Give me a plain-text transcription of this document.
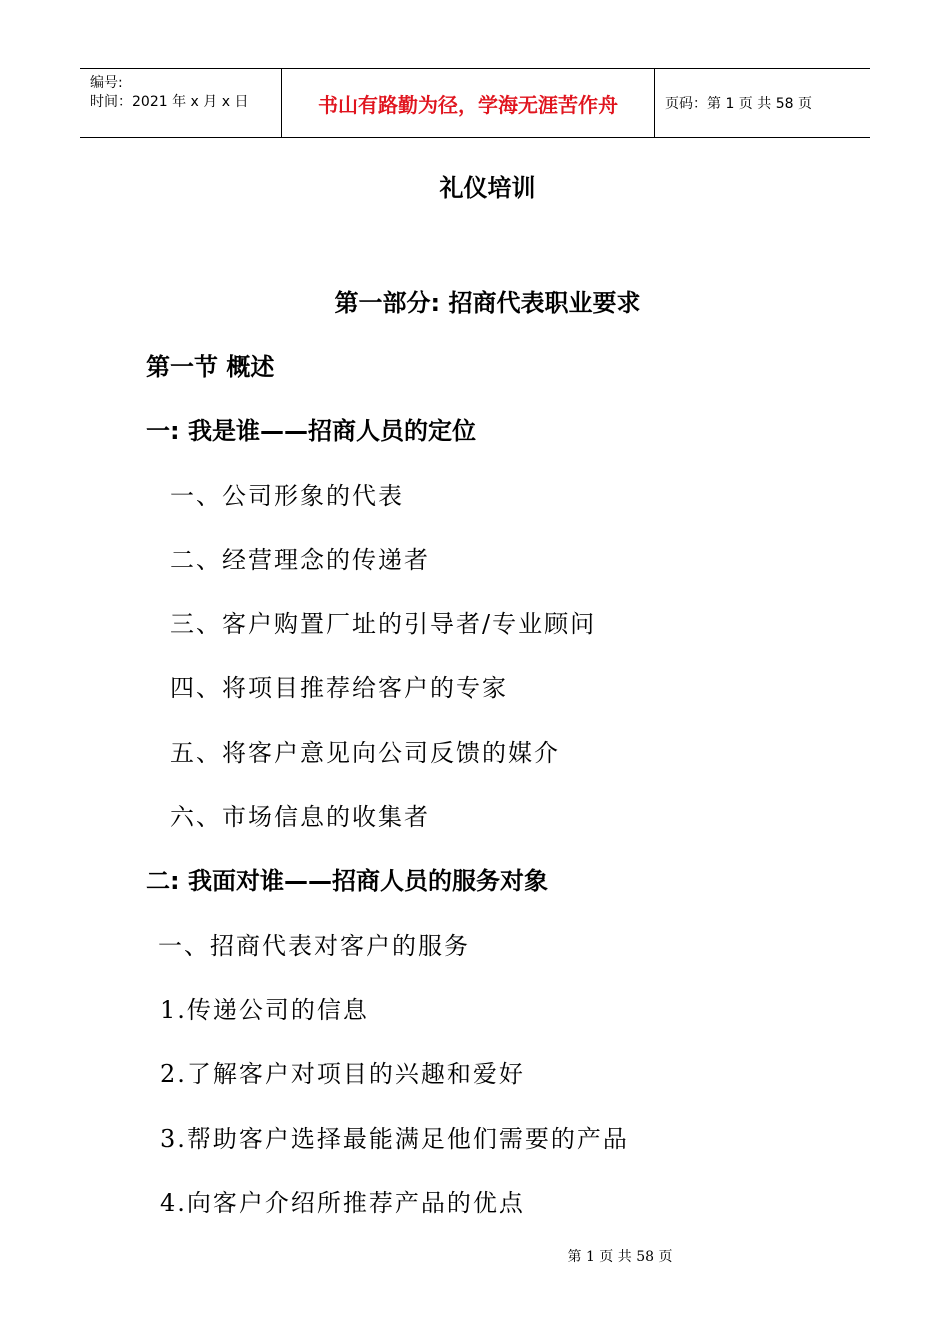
编号:
时间：2021 年 x 月 x 日	书山有路勤为径，学海无涯苦作舟	页码：第 1 页 共 58 页
礼仪培训
第一部分: 招商代表职业要求
第一节 概述
一: 我是谁——招商人员的定位
一、公司形象的代表
二、经营理念的传递者
三、客户购置厂址的引导者/专业顾问
四、将项目推荐给客户的专家
五、将客户意见向公司反馈的媒介
六、市场信息的收集者
二: 我面对谁——招商人员的服务对象
一、招商代表对客户的服务
1.传递公司的信息
2.了解客户对项目的兴趣和爱好
3.帮助客户选择最能满足他们需要的产品
4.向客户介绍所推荐产品的优点
第 1 页 共 58 页
